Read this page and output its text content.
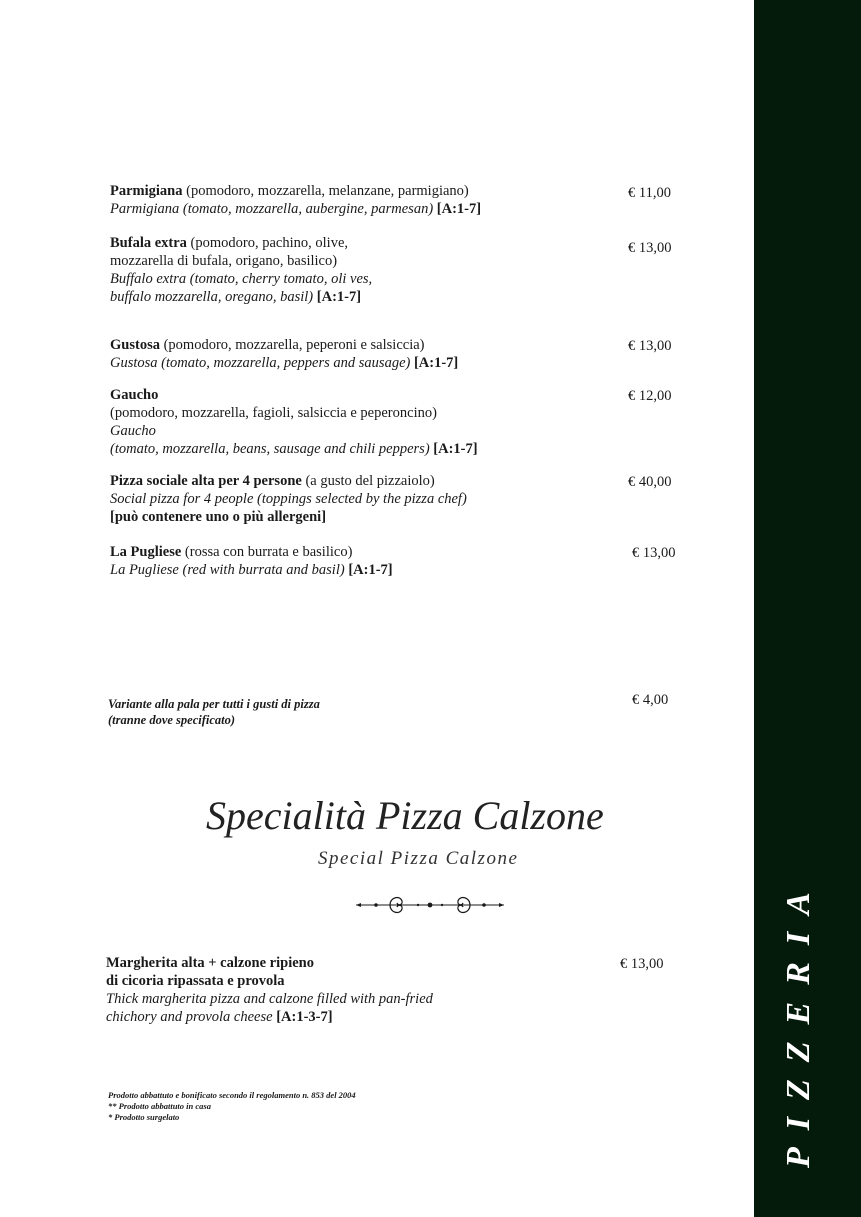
PIZZERIA
Parmigiana (pomodoro, mozzarella, melanzane, parmigiano)
Parmigiana (tomato, mozzarella, aubergine, parmesan) [A:1-7]
€ 11,00
Bufala extra (pomodoro, pachino, olive,
mozzarella di bufala, origano, basilico)
Buffalo extra (tomato, cherry tomato, oli ves,
buffalo mozzarella, oregano, basil) [A:1-7]
€ 13,00
Gustosa (pomodoro, mozzarella, peperoni e salsiccia)
Gustosa (tomato, mozzarella, peppers and sausage) [A:1-7]
€ 13,00
Gaucho
(pomodoro, mozzarella, fagioli, salsiccia e peperoncino)
Gaucho
(tomato, mozzarella, beans, sausage and chili peppers) [A:1-7]
€ 12,00
Pizza sociale alta per 4 persone (a gusto del pizzaiolo)
Social pizza for 4 people (toppings selected by the pizza chef)
[può contenere uno o più allergeni]
€ 40,00
La Pugliese (rossa con burrata e basilico)
La Pugliese (red with burrata and basil) [A:1-7]
€ 13,00
Variante alla pala per tutti i gusti di pizza
(tranne dove specificato)
€ 4,00
Specialità Pizza Calzone
Special Pizza Calzone
Margherita alta + calzone ripieno
di cicoria ripassata e provola
Thick margherita pizza and calzone filled with pan-fried
chichory and provola cheese [A:1-3-7]
€ 13,00
Prodotto abbattuto e bonificato secondo il regolamento n. 853 del 2004
** Prodotto abbattuto in casa
* Prodotto surgelato
